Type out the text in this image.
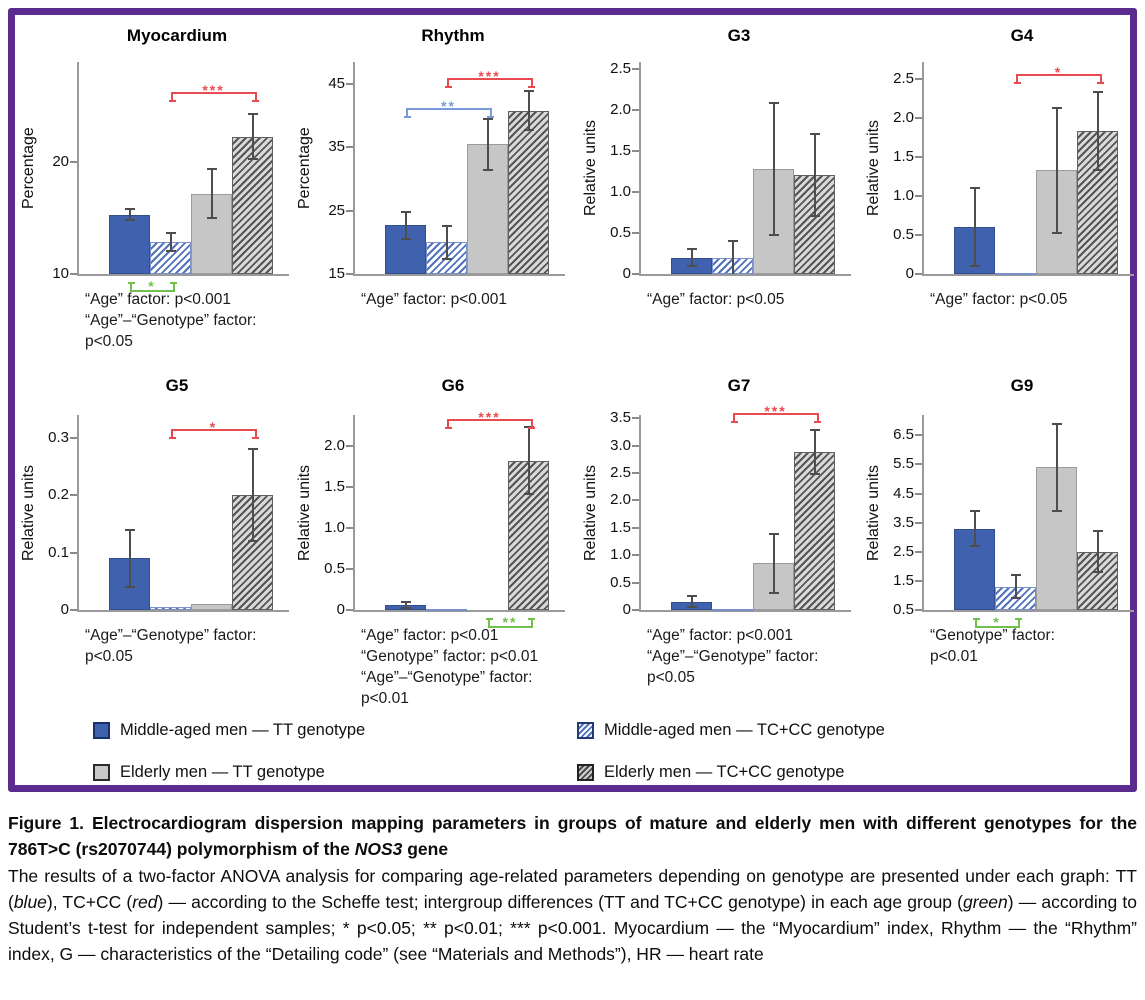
Myocardium
Percentage
***
*
10
20
“Age” factor: p<0.001
“Age”–“Genotype” factor:
p<0.05
Rhythm
Percentage
***
**
15
25
35
45
“Age” factor: p<0.001
G3
Relative units
0
0.5
1.0
1.5
2.0
2.5
“Age” factor: p<0.05
G4
Relative units
*
0
0.5
1.0
1.5
2.0
2.5
“Age” factor: p<0.05
G5
Relative units
*
0
0.1
0.2
0.3
“Age”–“Genotype” factor:
p<0.05
G6
Relative units
***
**
0
0.5
1.0
1.5
2.0
“Age” factor: p<0.01
“Genotype” factor: p<0.01
“Age”–“Genotype” factor:
p<0.01
G7
Relative units
***
0
0.5
1.0
1.5
2.0
2.5
3.0
3.5
“Age” factor: p<0.001
“Age”–“Genotype” factor:
p<0.05
G9
Relative units
*
0.5
1.5
2.5
3.5
4.5
5.5
6.5
“Genotype” factor:
p<0.01
Middle-aged men — TT genotype	Middle-aged men — TC+CC genotype
Elderly men — TT genotype	Elderly men — TC+CC genotype

Figure 1. Electrocardiogram dispersion mapping parameters in groups of mature and elderly men with different genotypes for the 786T>C (rs2070744) polymorphism of the NOS3 gene

The results of a two-factor ANOVA analysis for comparing age-related parameters depending on genotype are presented under each graph: TT (blue), TC+CC (red) — according to the Scheffe test; intergroup differences (TT and TC+CC genotype) in each age group (green) — according to Student’s t-test for independent samples; * p<0.05; ** p<0.01; *** p<0.001. Myocardium — the “Myocardium” index, Rhythm — the “Rhythm” index, G — characteristics of the “Detailing code” (see “Materials and Methods”), HR — heart rate
